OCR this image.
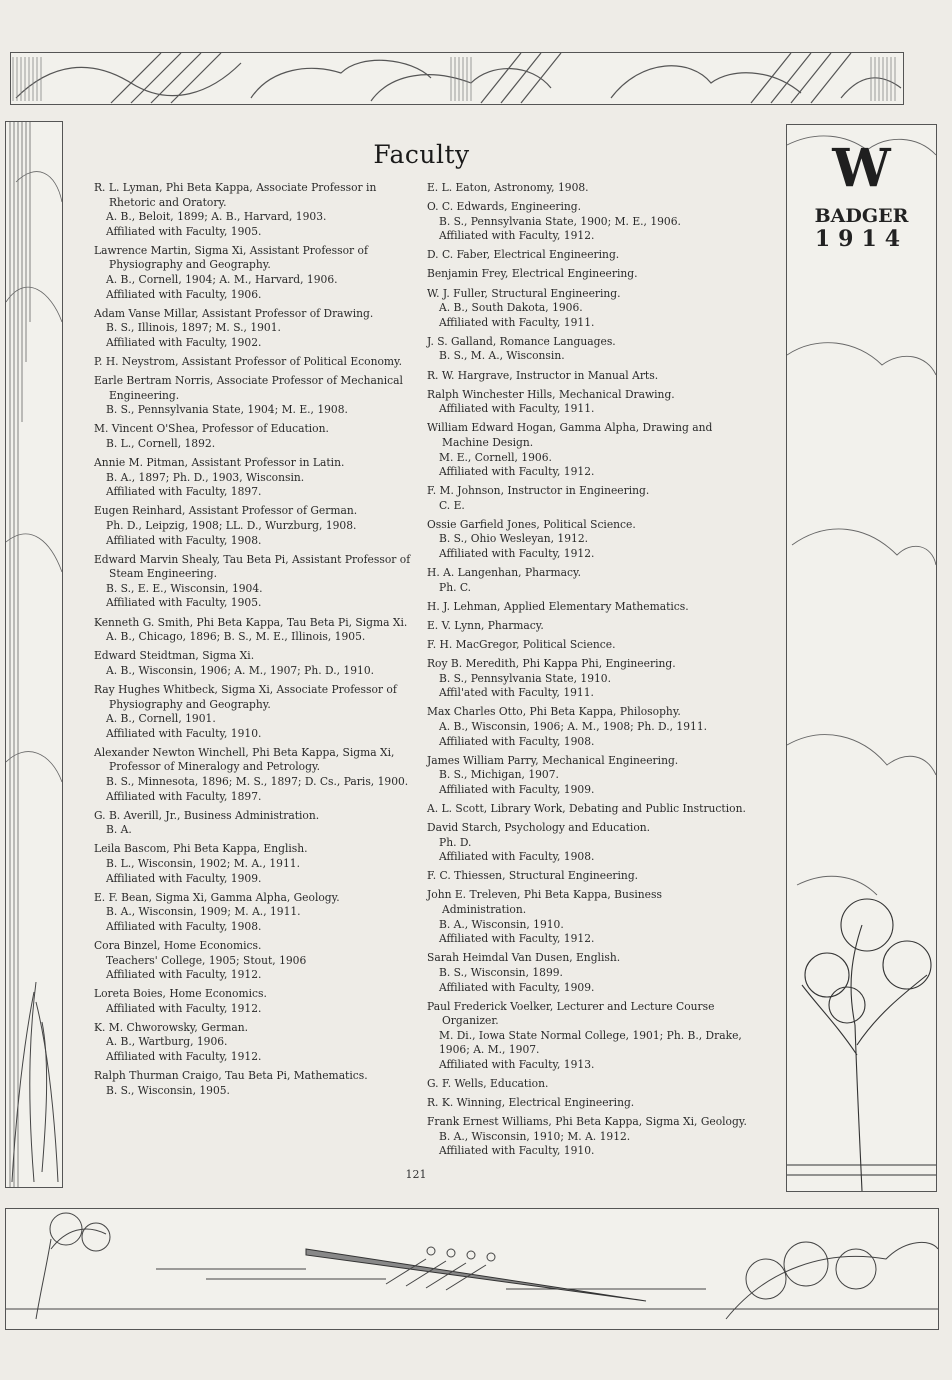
W
BADGER
1914
Faculty
R. L. Lyman, Phi Beta Kappa, Associate Professor in Rhetoric and Oratory.
A. B., Beloit, 1899; A. B., Harvard, 1903.
Affiliated with Faculty, 1905.
Lawrence Martin, Sigma Xi, Assistant Professor of Physiography and Geography.
A. B., Cornell, 1904; A. M., Harvard, 1906.
Affiliated with Faculty, 1906.
Adam Vanse Millar, Assistant Professor of Drawing.
B. S., Illinois, 1897; M. S., 1901.
Affiliated with Faculty, 1902.
P. H. Neystrom, Assistant Professor of Political Economy.
Earle Bertram Norris, Associate Professor of Mechanical Engineering.
B. S., Pennsylvania State, 1904; M. E., 1908.
M. Vincent O'Shea, Professor of Education.
B. L., Cornell, 1892.
Annie M. Pitman, Assistant Professor in Latin.
B. A., 1897; Ph. D., 1903, Wisconsin.
Affiliated with Faculty, 1897.
Eugen Reinhard, Assistant Professor of German.
Ph. D., Leipzig, 1908; LL. D., Wurzburg, 1908.
Affiliated with Faculty, 1908.
Edward Marvin Shealy, Tau Beta Pi, Assistant Professor of Steam Engineering.
B. S., E. E., Wisconsin, 1904.
Affiliated with Faculty, 1905.
Kenneth G. Smith, Phi Beta Kappa, Tau Beta Pi, Sigma Xi.
A. B., Chicago, 1896; B. S., M. E., Illinois, 1905.
Edward Steidtman, Sigma Xi.
A. B., Wisconsin, 1906; A. M., 1907; Ph. D., 1910.
Ray Hughes Whitbeck, Sigma Xi, Associate Professor of Physiography and Geography.
A. B., Cornell, 1901.
Affiliated with Faculty, 1910.
Alexander Newton Winchell, Phi Beta Kappa, Sigma Xi, Professor of Mineralogy and Petrology.
B. S., Minnesota, 1896; M. S., 1897; D. Cs., Paris, 1900.
Affiliated with Faculty, 1897.
G. B. Averill, Jr., Business Administration.
B. A.
Leila Bascom, Phi Beta Kappa, English.
B. L., Wisconsin, 1902; M. A., 1911.
Affiliated with Faculty, 1909.
E. F. Bean, Sigma Xi, Gamma Alpha, Geology.
B. A., Wisconsin, 1909; M. A., 1911.
Affiliated with Faculty, 1908.
Cora Binzel, Home Economics.
Teachers' College, 1905; Stout, 1906
Affiliated with Faculty, 1912.
Loreta Boies, Home Economics.
Affiliated with Faculty, 1912.
K. M. Chworowsky, German.
A. B., Wartburg, 1906.
Affiliated with Faculty, 1912.
Ralph Thurman Craigo, Tau Beta Pi, Mathematics.
B. S., Wisconsin, 1905.
E. L. Eaton, Astronomy, 1908.
O. C. Edwards, Engineering.
B. S., Pennsylvania State, 1900; M. E., 1906.
Affiliated with Faculty, 1912.
D. C. Faber, Electrical Engineering.
Benjamin Frey, Electrical Engineering.
W. J. Fuller, Structural Engineering.
A. B., South Dakota, 1906.
Affiliated with Faculty, 1911.
J. S. Galland, Romance Languages.
B. S., M. A., Wisconsin.
R. W. Hargrave, Instructor in Manual Arts.
Ralph Winchester Hills, Mechanical Drawing.
Affiliated with Faculty, 1911.
William Edward Hogan, Gamma Alpha, Drawing and Machine Design.
M. E., Cornell, 1906.
Affiliated with Faculty, 1912.
F. M. Johnson, Instructor in Engineering.
C. E.
Ossie Garfield Jones, Political Science.
B. S., Ohio Wesleyan, 1912.
Affiliated with Faculty, 1912.
H. A. Langenhan, Pharmacy.
Ph. C.
H. J. Lehman, Applied Elementary Mathematics.
E. V. Lynn, Pharmacy.
F. H. MacGregor, Political Science.
Roy B. Meredith, Phi Kappa Phi, Engineering.
B. S., Pennsylvania State, 1910.
Affil'ated with Faculty, 1911.
Max Charles Otto, Phi Beta Kappa, Philosophy.
A. B., Wisconsin, 1906; A. M., 1908; Ph. D., 1911.
Affiliated with Faculty, 1908.
James William Parry, Mechanical Engineering.
B. S., Michigan, 1907.
Affiliated with Faculty, 1909.
A. L. Scott, Library Work, Debating and Public Instruction.
David Starch, Psychology and Education.
Ph. D.
Affiliated with Faculty, 1908.
F. C. Thiessen, Structural Engineering.
John E. Treleven, Phi Beta Kappa, Business Administration.
B. A., Wisconsin, 1910.
Affiliated with Faculty, 1912.
Sarah Heimdal Van Dusen, English.
B. S., Wisconsin, 1899.
Affiliated with Faculty, 1909.
Paul Frederick Voelker, Lecturer and Lecture Course Organizer.
M. Di., Iowa State Normal College, 1901; Ph. B., Drake, 1906; A. M., 1907.
Affiliated with Faculty, 1913.
G. F. Wells, Education.
R. K. Winning, Electrical Engineering.
Frank Ernest Williams, Phi Beta Kappa, Sigma Xi, Geology.
B. A., Wisconsin, 1910; M. A. 1912.
Affiliated with Faculty, 1910.
121
